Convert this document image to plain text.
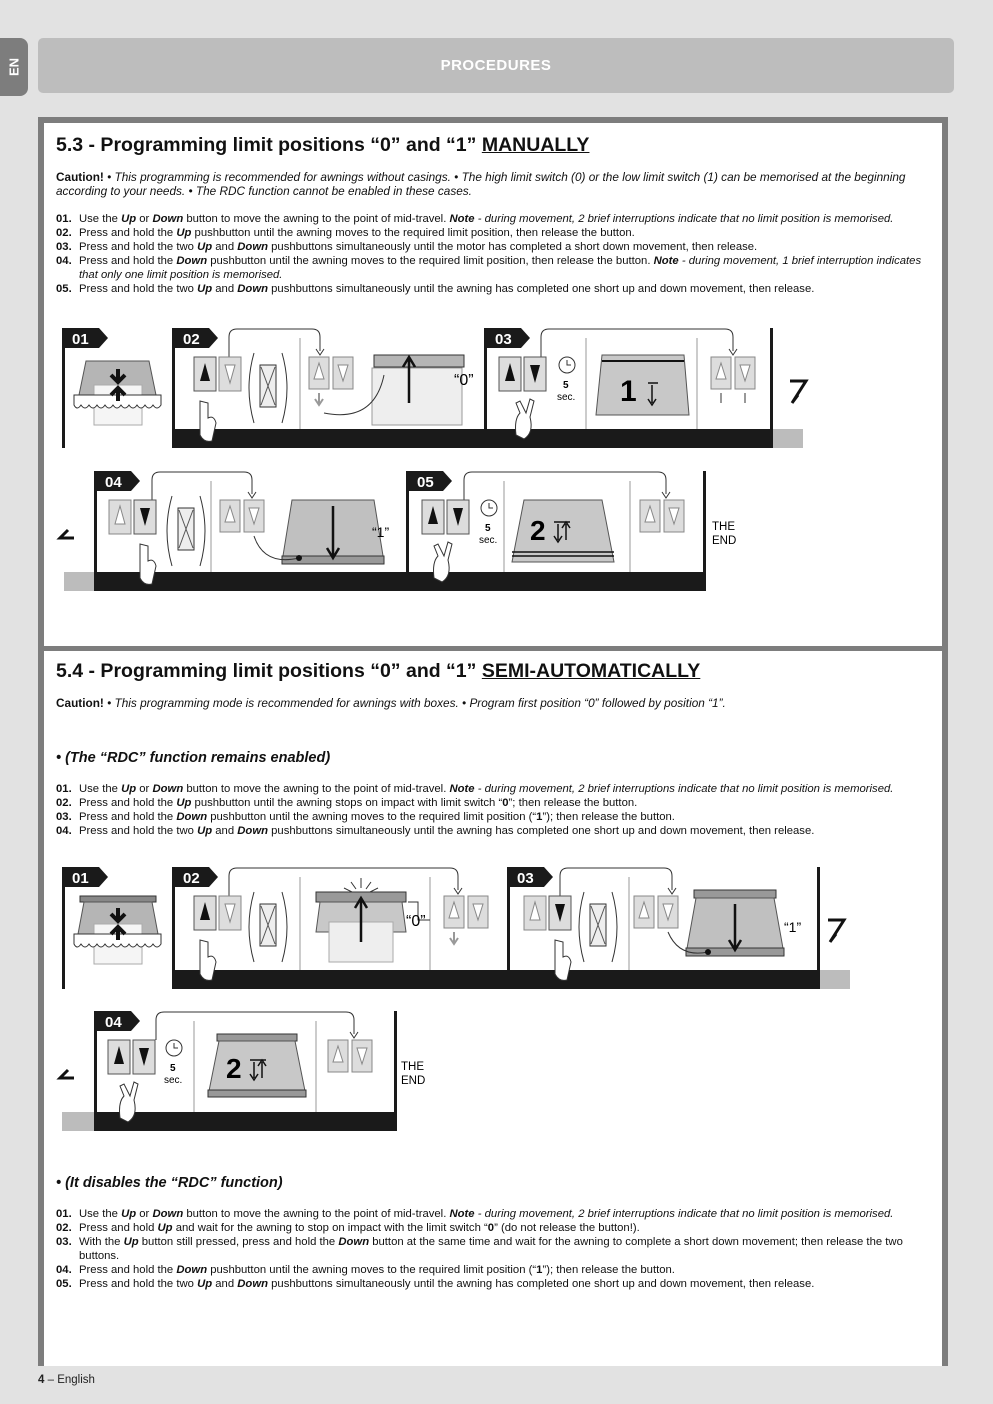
EN	PROCEDURES
5.3 - Programming limit positions “0” and “1” MANUALLY
Caution! • This programming is recommended for awnings without casings. • The high limit switch (0) or the low limit switch (1) can be memorised at the beginning according to your needs. • The RDC function cannot be enabled in these cases.

01. Use the Up or Down button to move the awning to the point of mid-travel. Note - during movement, 2 brief interruptions indicate that no limit position is memorised.

02. Press and hold the Up pushbutton until the awning moves to the required limit position, then release the button.

03. Press and hold the two Up and Down pushbuttons simultaneously until the motor has completed a short down movement, then release.

04. Press and hold the Down pushbutton until the awning moves to the required limit position, then release the button. Note - during movement, 1 brief interruption indicates that only one limit position is memorised.

05. Press and hold the two Up and Down pushbuttons simultaneously until the awning has completed one short up and down movement, then release.

01	02	03
“0”	5
sec. 1
04	05
“1”	5
sec. 2	THE
END
5.4 - Programming limit positions “0” and “1” SEMI-AUTOMATICALLY
Caution! • This programming mode is recommended for awnings with boxes. • Program first position “0” followed by position “1”.
• (The “RDC” function remains enabled)

01. Use the Up or Down button to move the awning to the point of mid-travel. Note - during movement, 2 brief interruptions indicate that no limit position is memorised.

02. Press and hold the Up pushbutton until the awning stops on impact with limit switch “0”; then release the button.

03. Press and hold the Down pushbutton until the awning moves to the required limit position (“1”); then release the button.

04. Press and hold the two Up and Down pushbuttons simultaneously until the awning has completed one short up and down movement, then release.

01	02	03
“0”	“1”
04
5
sec. 2	THE
END
• (It disables the “RDC” function)

01. Use the Up or Down button to move the awning to the point of mid-travel. Note - during movement, 2 brief interruptions indicate that no limit position is memorised.

02. Press and hold Up and wait for the awning to stop on impact with the limit switch “0” (do not release the button!).

03. With the Up button still pressed, press and hold the Down button at the same time and wait for the awning to complete a short down movement; then release the two buttons.

04. Press and hold the Down pushbutton until the awning moves to the required limit position (“1”); then release the button.

05. Press and hold the two Up and Down pushbuttons simultaneously until the awning has completed one short up and down movement, then release.

4 – English
